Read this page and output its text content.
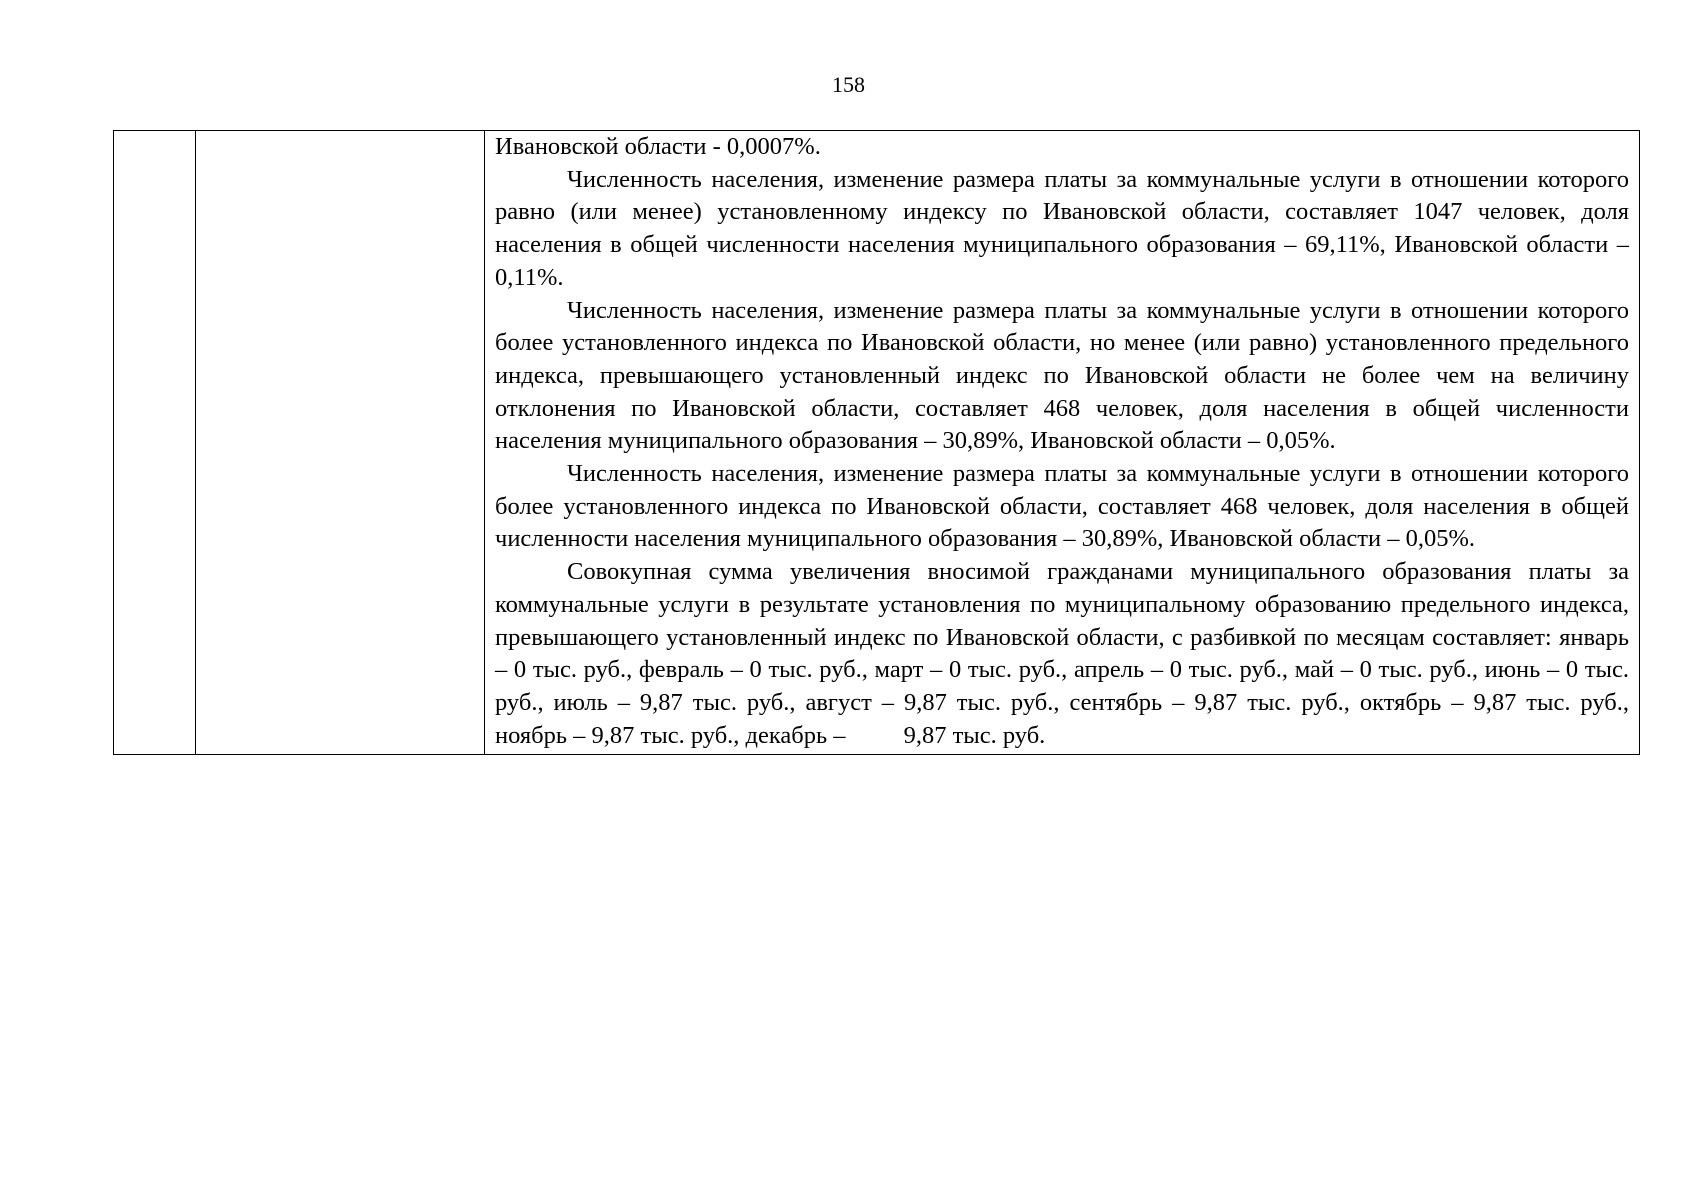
158

Ивановской области - 0,0007%.

Численность населения, изменение размера платы за коммунальные услуги в отношении которого равно (или менее) установленному индексу по Ивановской области, составляет 1047 человек, доля населения в общей численности населения муниципального образования – 69,11%, Ивановской области – 0,11%.

Численность населения, изменение размера платы за коммунальные услуги в отношении которого более установленного индекса по Ивановской области, но менее (или равно) установленного предельного индекса, превышающего установленный индекс по Ивановской области не более чем на величину отклонения по Ивановской области, составляет 468 человек, доля населения в общей численности населения муниципального образования – 30,89%, Ивановской области – 0,05%.

Численность населения, изменение размера платы за коммунальные услуги в отношении которого более установленного индекса по Ивановской области, составляет 468 человек, доля населения в общей численности населения муниципального образования – 30,89%, Ивановской области – 0,05%.

Совокупная сумма увеличения вносимой гражданами муниципального образования платы за коммунальные услуги в результате установления по муниципальному образованию предельного индекса, превышающего установленный индекс по Ивановской области, с разбивкой по месяцам составляет: январь – 0 тыс. руб., февраль – 0 тыс. руб., март – 0 тыс. руб., апрель – 0 тыс. руб., май – 0 тыс. руб., июнь – 0 тыс. руб., июль – 9,87 тыс. руб., август – 9,87 тыс. руб., сентябрь – 9,87 тыс. руб., октябрь – 9,87 тыс. руб., ноябрь – 9,87 тыс. руб., декабрь – 9,87 тыс. руб.
